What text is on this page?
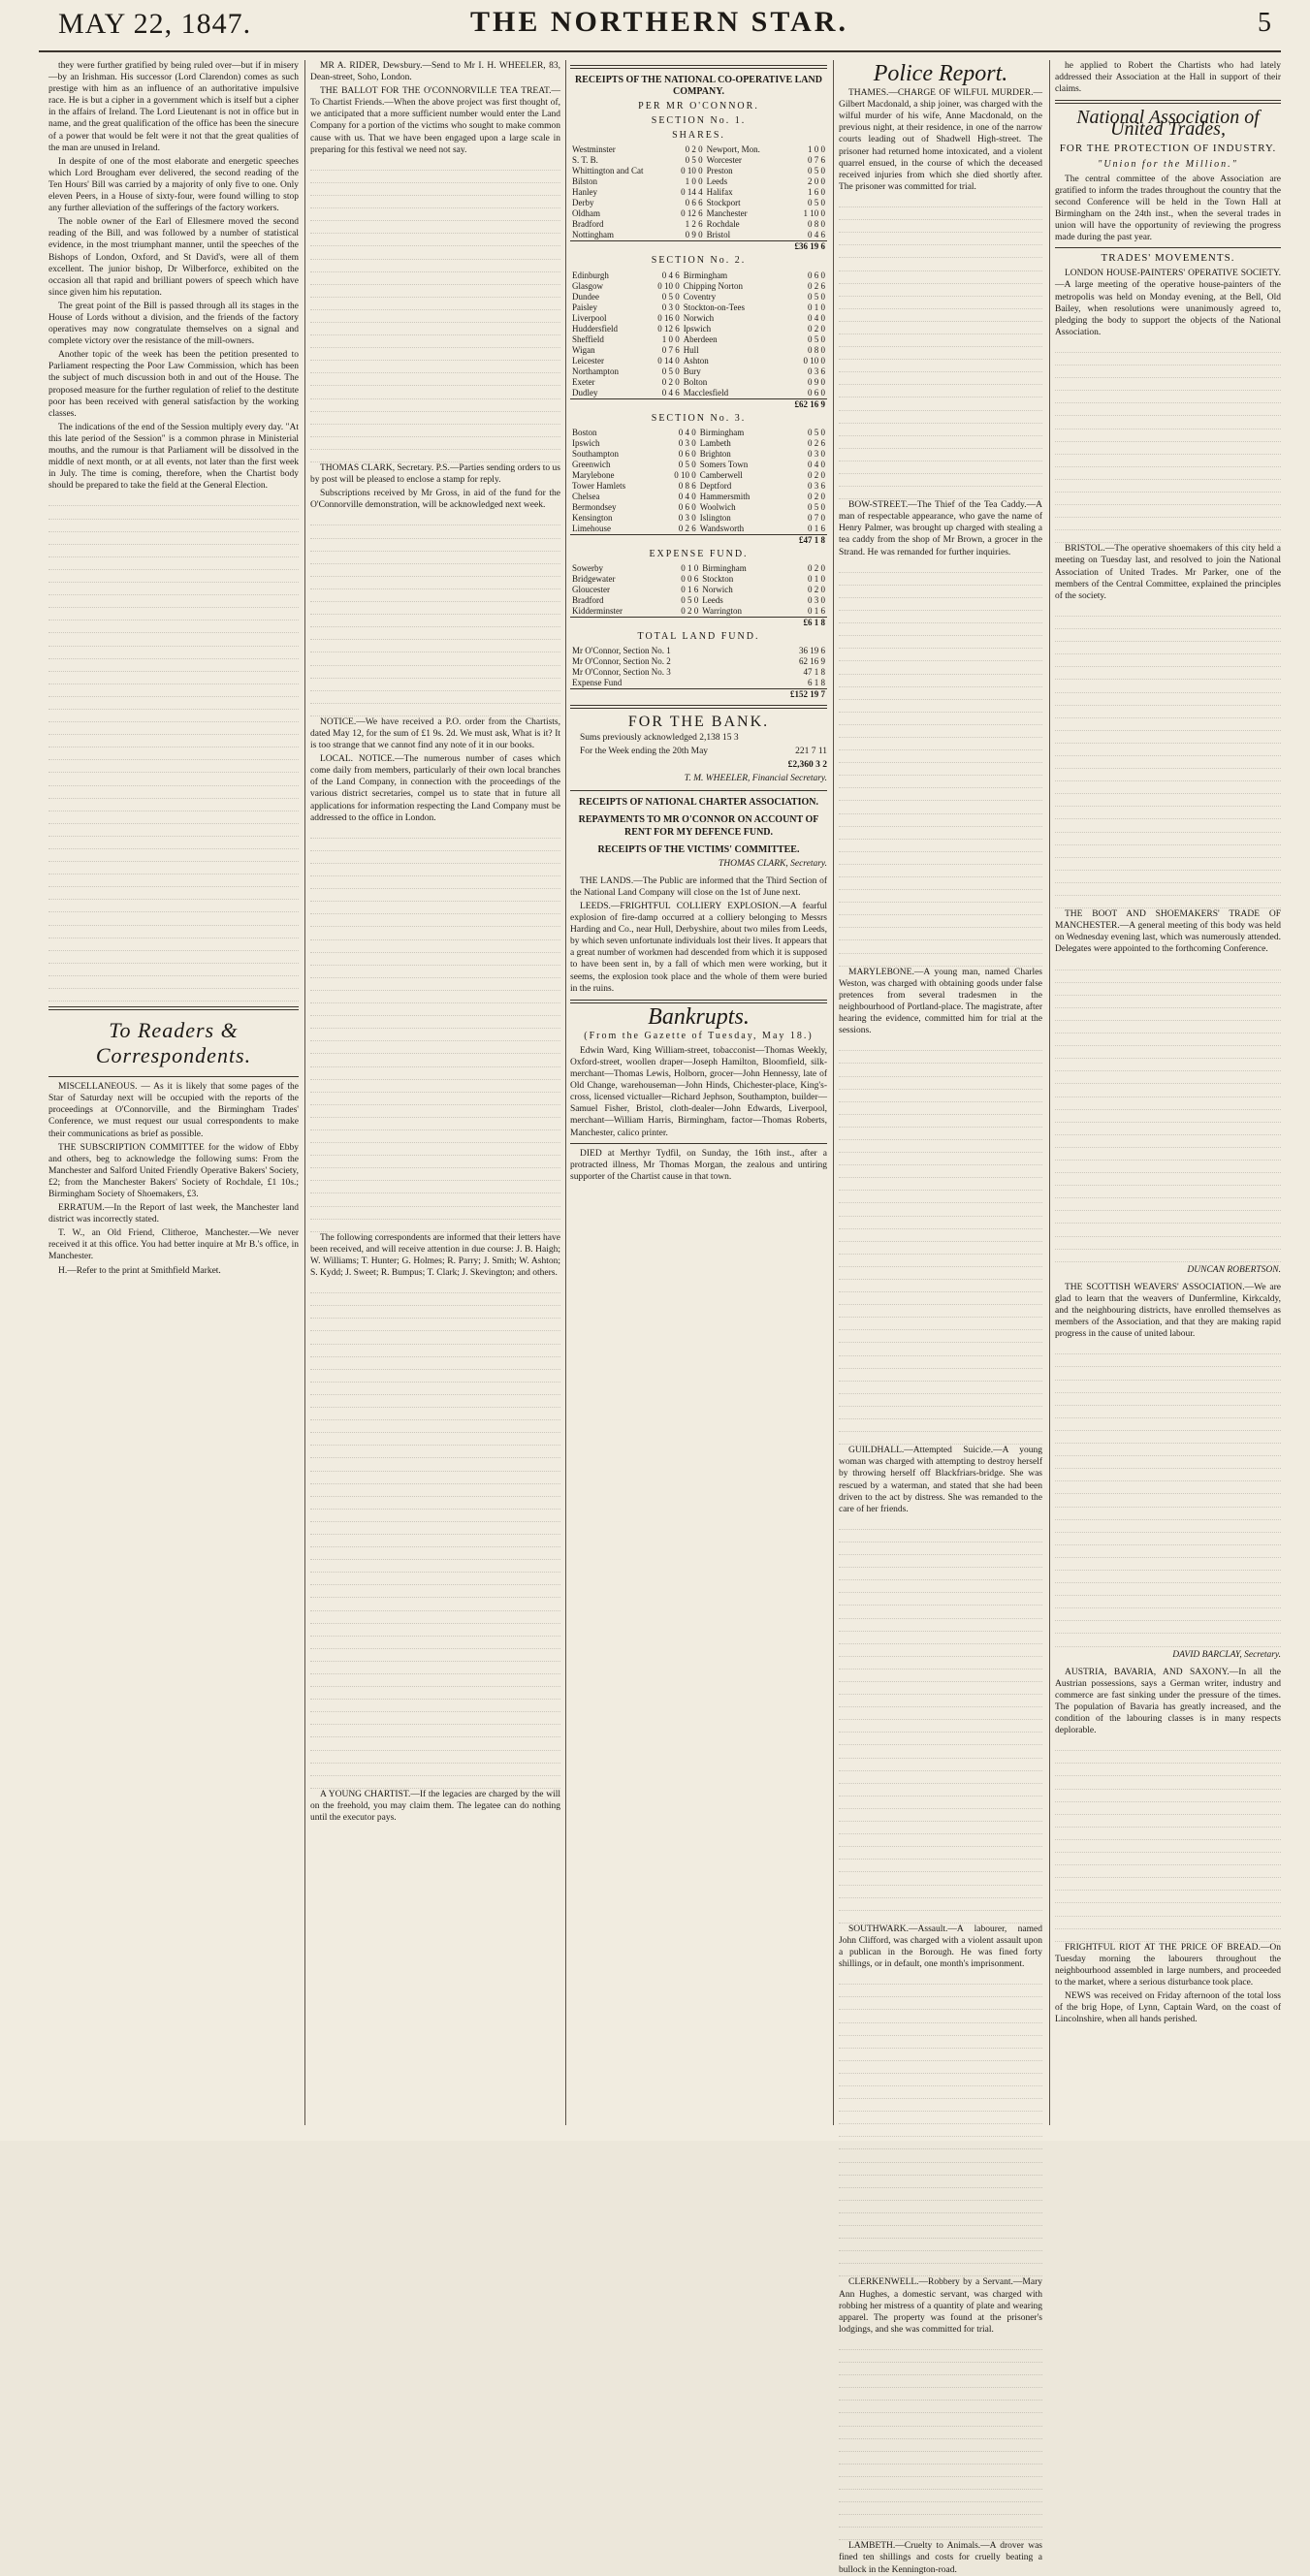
MAY 22, 1847.	THE NORTHERN STAR.	5

they were further gratified by being ruled over—but if in misery—by an Irishman. His successor (Lord Clarendon) comes as such prestige with him as an influence of an authoritative impulsive race. He is but a cipher in a government which is itself but a cipher in the affairs of Ireland. The Lord Lieutenant is not in office but in name, and the great qualification of the office has been the sinecure of a power that would be felt were it not that the great qualities of the man are unused in Ireland.

In despite of one of the most elaborate and energetic speeches which Lord Brougham ever delivered, the second reading of the Ten Hours' Bill was carried by a majority of only five to one. Only eleven Peers, in a House of sixty-four, were found willing to stop any further alleviation of the sufferings of the factory workers.

The noble owner of the Earl of Ellesmere moved the second reading of the Bill, and was followed by a number of statistical evidence, in the most triumphant manner, until the speeches of the Bishops of London, Oxford, and St David's, were all of them excellent. The junior bishop, Dr Wilberforce, exhibited on the occasion all that rapid and brilliant powers of speech which have since given him his reputation.

The great point of the Bill is passed through all its stages in the House of Lords without a division, and the friends of the factory operatives may now congratulate themselves on a signal and complete victory over the resistance of the mill-owners.

Another topic of the week has been the petition presented to Parliament respecting the Poor Law Commission, which has been the subject of much discussion both in and out of the House. The proposed measure for the further regulation of relief to the destitute poor has been received with general satisfaction by the working classes.

The indications of the end of the Session multiply every day. "At this late period of the Session" is a common phrase in Ministerial mouths, and the rumour is that Parliament will be dissolved in the middle of next month, or at all events, not later than the first week in July. The time is coming, therefore, when the Chartist body should be prepared to take the field at the General Election.

To Readers & Correspondents.

MISCELLANEOUS. — As it is likely that some pages of the Star of Saturday next will be occupied with the reports of the proceedings at O'Connorville, and the Birmingham Trades' Conference, we must request our usual correspondents to make their communications as brief as possible.

THE SUBSCRIPTION COMMITTEE for the widow of Ebby and others, beg to acknowledge the following sums: From the Manchester and Salford United Friendly Operative Bakers' Society, £2; from the Manchester Bakers' Society of Rochdale, £1 10s.; Birmingham Society of Shoemakers, £3.

ERRATUM.—In the Report of last week, the Manchester land district was incorrectly stated.

T. W., an Old Friend, Clitheroe, Manchester.—We never received it at this office. You had better inquire at Mr B.'s office, in Manchester.

H.—Refer to the print at Smithfield Market.

MR A. RIDER, Dewsbury.—Send to Mr I. H. WHEELER, 83, Dean-street, Soho, London.

THE BALLOT FOR THE O'CONNORVILLE TEA TREAT.—To Chartist Friends.—When the above project was first thought of, we anticipated that a more sufficient number would enter the Land Company for a portion of the victims who sought to make common cause with us. That we have been engaged upon a large scale in preparing for this festival we need not say.

THOMAS CLARK, Secretary. P.S.—Parties sending orders to us by post will be pleased to enclose a stamp for reply.

Subscriptions received by Mr Gross, in aid of the fund for the O'Connorville demonstration, will be acknowledged next week.

NOTICE.—We have received a P.O. order from the Chartists, dated May 12, for the sum of £1 9s. 2d. We must ask, What is it? It is too strange that we cannot find any note of it in our books.

LOCAL. NOTICE.—The numerous number of cases which come daily from members, particularly of their own local branches of the Land Company, in connection with the proceedings of the various district secretaries, compel us to state that in future all applications for information respecting the Land Company must be addressed to the office in London.

The following correspondents are informed that their letters have been received, and will receive attention in due course: J. B. Haigh; W. Williams; T. Hunter; G. Holmes; R. Parry; J. Smith; W. Ashton; S. Kydd; J. Sweet; R. Bumpus; T. Clark; J. Skevington; and others.

A YOUNG CHARTIST.—If the legacies are charged by the will on the freehold, you may claim them. The legatee can do nothing until the executor pays.

RECEIPTS OF THE NATIONAL CO-OPERATIVE LAND COMPANY.
PER MR O'CONNOR.
SECTION No. 1.
SHARES.
Westminster	0 2 0	Newport, Mon.	1 0 0
S. T. B.	0 5 0	Worcester	0 7 6
Whittington and Cat	0 10 0	Preston	0 5 0
Bilston	1 0 0	Leeds	2 0 0
Hanley	0 14 4	Halifax	1 6 0
Derby	0 6 6	Stockport	0 5 0
Oldham	0 12 6	Manchester	1 10 0
Bradford	1 2 6	Rochdale	0 8 0
Nottingham	0 9 0	Bristol	0 4 6
			£36 19 6
SECTION No. 2.
Edinburgh	0 4 6	Birmingham	0 6 0
Glasgow	0 10 0	Chipping Norton	0 2 6
Dundee	0 5 0	Coventry	0 5 0
Paisley	0 3 0	Stockton-on-Tees	0 1 0
Liverpool	0 16 0	Norwich	0 4 0
Huddersfield	0 12 6	Ipswich	0 2 0
Sheffield	1 0 0	Aberdeen	0 5 0
Wigan	0 7 6	Hull	0 8 0
Leicester	0 14 0	Ashton	0 10 0
Northampton	0 5 0	Bury	0 3 6
Exeter	0 2 0	Bolton	0 9 0
Dudley	0 4 6	Macclesfield	0 6 0
			£62 16 9
SECTION No. 3.
Boston	0 4 0	Birmingham	0 5 0
Ipswich	0 3 0	Lambeth	0 2 6
Southampton	0 6 0	Brighton	0 3 0
Greenwich	0 5 0	Somers Town	0 4 0
Marylebone	0 10 0	Camberwell	0 2 0
Tower Hamlets	0 8 6	Deptford	0 3 6
Chelsea	0 4 0	Hammersmith	0 2 0
Bermondsey	0 6 0	Woolwich	0 5 0
Kensington	0 3 0	Islington	0 7 0
Limehouse	0 2 6	Wandsworth	0 1 6
			£47 1 8
EXPENSE FUND.
Sowerby	0 1 0	Birmingham	0 2 0
Bridgewater	0 0 6	Stockton	0 1 0
Gloucester	0 1 6	Norwich	0 2 0
Bradford	0 5 0	Leeds	0 3 0
Kidderminster	0 2 0	Warrington	0 1 6
			£6 1 8
TOTAL LAND FUND.
Mr O'Connor, Section No. 1	36 19 6
Mr O'Connor, Section No. 2	62 16 9
Mr O'Connor, Section No. 3	47 1 8
Expense Fund	6 1 8
	£152 19 7
FOR THE BANK.

Sums previously acknowledged 2,138 15 3

For the Week ending the 20th May	221 7 11

£2,360 3 2

T. M. WHEELER, Financial Secretary.
RECEIPTS OF NATIONAL CHARTER ASSOCIATION.
REPAYMENTS TO MR O'CONNOR ON ACCOUNT OF RENT FOR MY DEFENCE FUND.
RECEIPTS OF THE VICTIMS' COMMITTEE.
THOMAS CLARK, Secretary.

THE LANDS.—The Public are informed that the Third Section of the National Land Company will close on the 1st of June next.

LEEDS.—FRIGHTFUL COLLIERY EXPLOSION.—A fearful explosion of fire-damp occurred at a colliery belonging to Messrs Harding and Co., near Hull, Derbyshire, about two miles from Leeds, by which seven unfortunate individuals lost their lives. It appears that a great number of workmen had descended from which it is supposed to have been sent in, by a fall of which men were working, but it seems, the explosion took place and the whole of them were buried in the ruins.

Bankrupts.
(From the Gazette of Tuesday, May 18.)

Edwin Ward, King William-street, tobacconist—Thomas Weekly, Oxford-street, woollen draper—Joseph Hamilton, Bloomfield, silk-merchant—Thomas Lewis, Holborn, grocer—John Hennessy, late of Old Change, warehouseman—John Hinds, Chichester-place, King's-cross, licensed victualler—Richard Jephson, Southampton, builder—Samuel Fisher, Bristol, cloth-dealer—John Edwards, Liverpool, merchant—William Harris, Birmingham, factor—Thomas Roberts, Manchester, calico printer.

DIED at Merthyr Tydfil, on Sunday, the 16th inst., after a protracted illness, Mr Thomas Morgan, the zealous and untiring supporter of the Chartist cause in that town.

Police Report.

THAMES.—CHARGE OF WILFUL MURDER.—Gilbert Macdonald, a ship joiner, was charged with the wilful murder of his wife, Anne Macdonald, on the previous night, at their residence, in one of the narrow courts leading out of Shadwell High-street. The prisoner had returned home intoxicated, and a violent quarrel ensued, in the course of which the deceased received injuries from which she died shortly after. The prisoner was committed for trial.

BOW-STREET.—The Thief of the Tea Caddy.—A man of respectable appearance, who gave the name of Henry Palmer, was brought up charged with stealing a tea caddy from the shop of Mr Brown, a grocer in the Strand. He was remanded for further inquiries.

MARYLEBONE.—A young man, named Charles Weston, was charged with obtaining goods under false pretences from several tradesmen in the neighbourhood of Portland-place. The magistrate, after hearing the evidence, committed him for trial at the sessions.

GUILDHALL.—Attempted Suicide.—A young woman was charged with attempting to destroy herself by throwing herself off Blackfriars-bridge. She was rescued by a waterman, and stated that she had been driven to the act by distress. She was remanded to the care of her friends.

SOUTHWARK.—Assault.—A labourer, named John Clifford, was charged with a violent assault upon a publican in the Borough. He was fined forty shillings, or in default, one month's imprisonment.

CLERKENWELL.—Robbery by a Servant.—Mary Ann Hughes, a domestic servant, was charged with robbing her mistress of a quantity of plate and wearing apparel. The property was found at the prisoner's lodgings, and she was committed for trial.

LAMBETH.—Cruelty to Animals.—A drover was fined ten shillings and costs for cruelly beating a bullock in the Kennington-road.

he applied to Robert the Chartists who had lately addressed their Association at the Hall in support of their claims.

National Association of United Trades,
FOR THE PROTECTION OF INDUSTRY.
"Union for the Million."

The central committee of the above Association are gratified to inform the trades throughout the country that the second Conference will be held in the Town Hall at Birmingham on the 24th inst., when the several trades in union will have the opportunity of reviewing the progress made during the past year.

TRADES' MOVEMENTS.

LONDON HOUSE-PAINTERS' OPERATIVE SOCIETY.—A large meeting of the operative house-painters of the metropolis was held on Monday evening, at the Bell, Old Bailey, when resolutions were unanimously agreed to, pledging the body to support the objects of the National Association.

BRISTOL.—The operative shoemakers of this city held a meeting on Tuesday last, and resolved to join the National Association of United Trades. Mr Parker, one of the members of the Central Committee, explained the principles of the society.

THE BOOT AND SHOEMAKERS' TRADE OF MANCHESTER.—A general meeting of this body was held on Wednesday evening last, which was numerously attended. Delegates were appointed to the forthcoming Conference.

DUNCAN ROBERTSON.

THE SCOTTISH WEAVERS' ASSOCIATION.—We are glad to learn that the weavers of Dunfermline, Kirkcaldy, and the neighbouring districts, have enrolled themselves as members of the Association, and that they are making rapid progress in the cause of united labour.

DAVID BARCLAY, Secretary.

AUSTRIA, BAVARIA, AND SAXONY.—In all the Austrian possessions, says a German writer, industry and commerce are fast sinking under the pressure of the times. The population of Bavaria has greatly increased, and the condition of the labouring classes is in many respects deplorable.

FRIGHTFUL RIOT AT THE PRICE OF BREAD.—On Tuesday morning the labourers throughout the neighbourhood assembled in large numbers, and proceeded to the market, where a serious disturbance took place.

NEWS was received on Friday afternoon of the total loss of the brig Hope, of Lynn, Captain Ward, on the coast of Lincolnshire, when all hands perished.
